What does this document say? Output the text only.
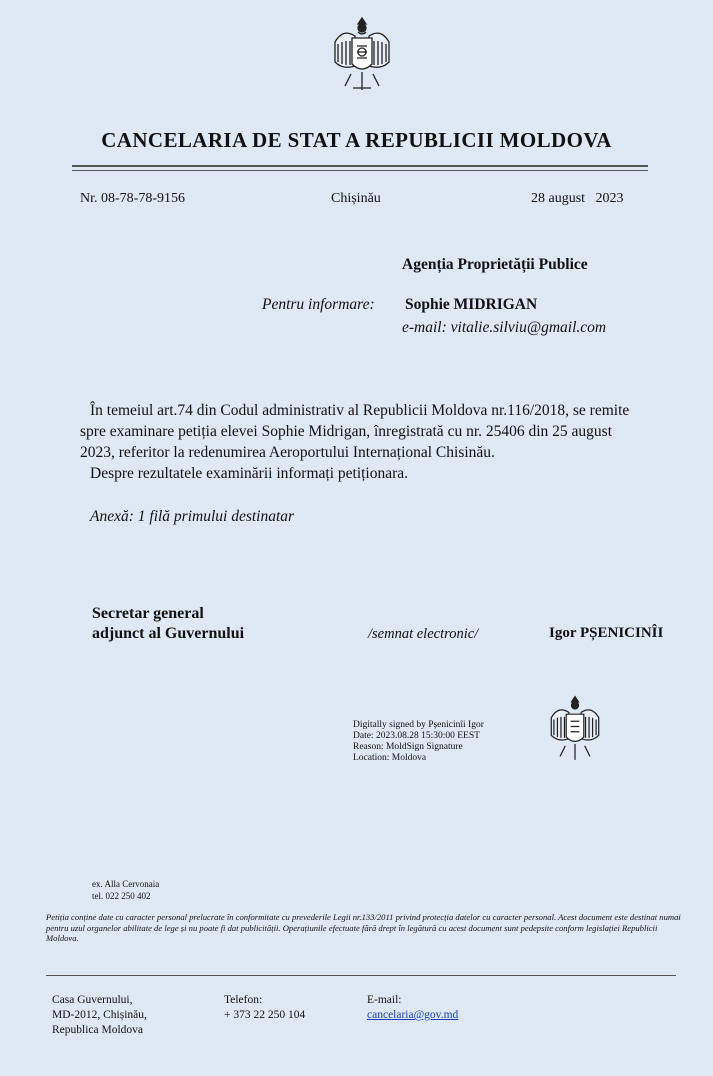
CANCELARIA DE STAT A REPUBLICII MOLDOVA
Nr. 08-78-78-9156	Chișinău	28 august   2023
Agenția Proprietății Publice
Pentru informare: Sophie MIDRIGAN
e-mail: vitalie.silviu@gmail.com

În temeiul art.74 din Codul administrativ al Republicii Moldova nr.116/2018, se remite spre examinare petiția elevei Sophie Midrigan, înregistrată cu nr. 25406 din 25 august 2023, referitor la redenumirea Aeroportului Internațional Chisinău.

Despre rezultatele examinării informați petiționara.

Anexă: 1 filă primului destinatar
Secretar general
adjunct al Guvernului	/semnat electronic/	Igor PȘENICINÎI
Digitally signed by Pșenicinîi Igor
Date: 2023.08.28 15:30:00 EEST
Reason: MoldSign Signature
Location: Moldova
ex. Alla Cervonaia
tel. 022 250 402
Petiția conține date cu caracter personal prelucrate în conformitate cu prevederile Legii nr.133/2011 privind protecția datelor cu caracter personal. Acest document este destinat numai pentru uzul organelor abilitate de lege și nu poate fi dat publicității. Operațiunile efectuate fără drept în legătură cu acest document sunt pedepsite conform legislației Republicii Moldova.
Casa Guvernului,
MD-2012, Chișinău,
Republica Moldova
Telefon:
+ 373 22 250 104
E-mail:
cancelaria@gov.md
